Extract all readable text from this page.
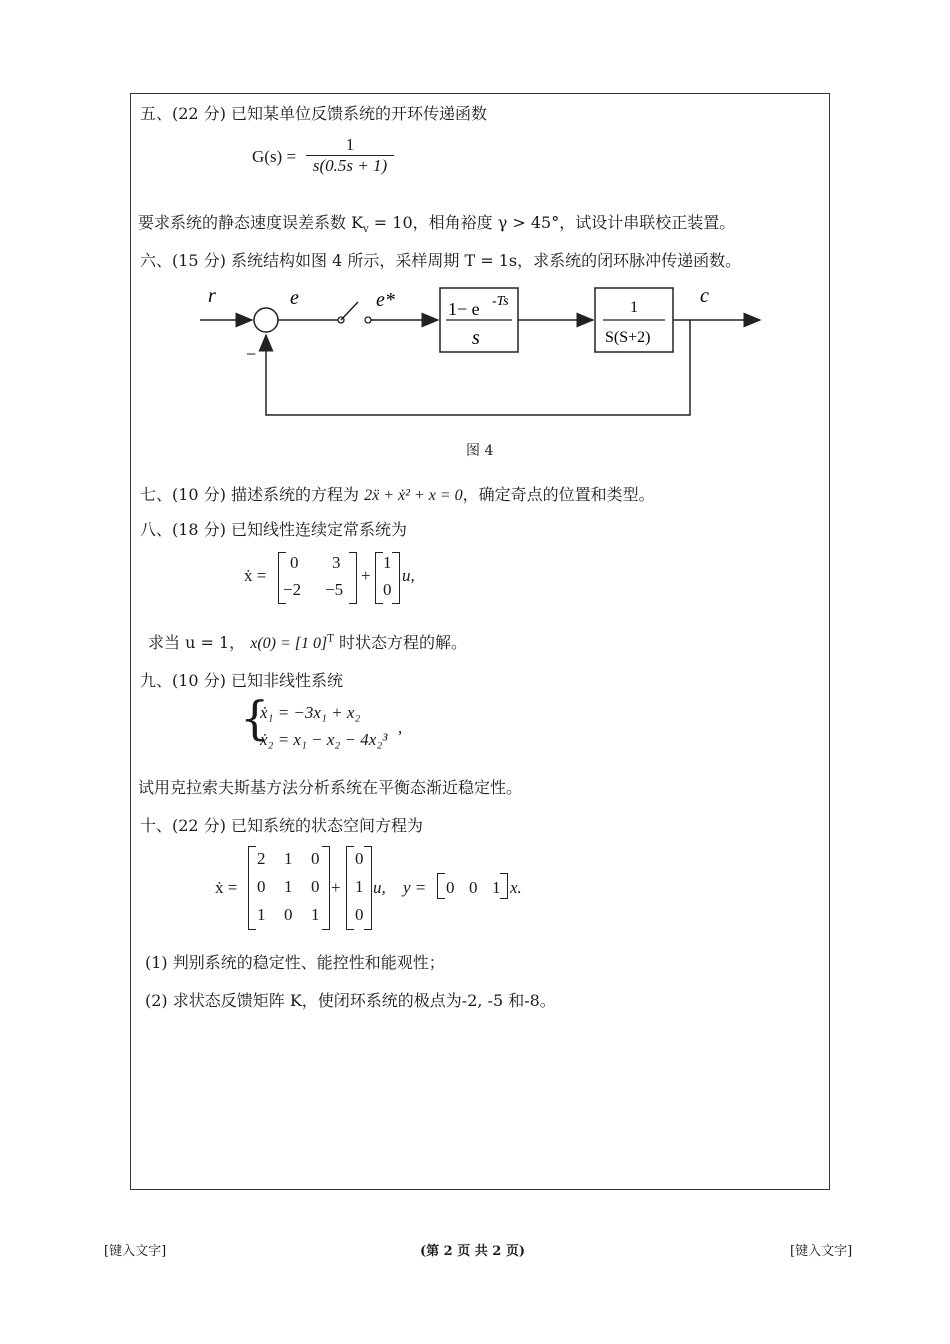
五、(22 分) 已知某单位反馈系统的开环传递函数
G(s) =
1
s(0.5s + 1)
要求系统的静态速度误差系数 $K_v = 10$，相角裕度 γ > 45°，试设计串联校正装置。
六、(15 分) 系统结构如图 4 所示，采样周期 T = 1s，求系统的闭环脉冲传递函数。
r	e	e*
−
1− e -Ts
s
1
S(S+2)
c
图 4
七、(10 分) 描述系统的方程为 2ẍ + ẋ² + x = 0，确定奇点的位置和类型。
八、(18 分) 已知线性连续定常系统为
ẋ =
0 3
−2 −5
+
1
0
u,
求当 u = 1， x(0) = [1 0]$^T$ 时状态方程的解。
九、(10 分) 已知非线性系统
{
ẋ₁ = −3x₁ + x₂
ẋ₂ = x₁ − x₂ − 4x₂³
,
试用克拉索夫斯基方法分析系统在平衡态渐近稳定性。
十、(22 分) 已知系统的状态空间方程为
ẋ =
2 1 0
0 1 0
1 0 1
+
0
1
0
u, y = 0 0 1 x.
(1) 判别系统的稳定性、能控性和能观性；
(2) 求状态反馈矩阵 K，使闭环系统的极点为-2, -5 和-8。
[键入文字]	(第 2 页 共 2 页)	[键入文字]
